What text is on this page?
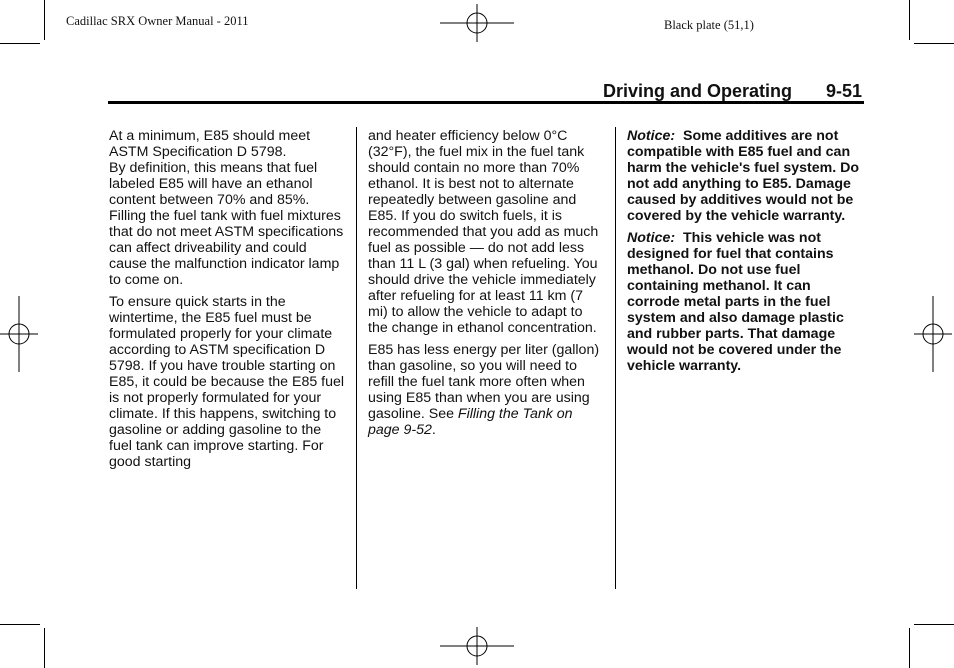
Cadillac SRX Owner Manual - 2011	Black plate (51,1)
Driving and Operating 9-51

At a minimum, E85 should meet ASTM Specification D 5798.

By definition, this means that fuel labeled E85 will have an ethanol content between 70% and 85%. Filling the fuel tank with fuel mixtures that do not meet ASTM specifications can affect driveability and could cause the malfunction indicator lamp to come on.

To ensure quick starts in the wintertime, the E85 fuel must be formulated properly for your climate according to ASTM specification D 5798. If you have trouble starting on E85, it could be because the E85 fuel is not properly formulated for your climate. If this happens, switching to gasoline or adding gasoline to the fuel tank can improve starting. For good starting

and heater efficiency below 0°C (32°F), the fuel mix in the fuel tank should contain no more than 70% ethanol. It is best not to alternate repeatedly between gasoline and E85. If you do switch fuels, it is recommended that you add as much fuel as possible — do not add less than 11 L (3 gal) when refueling. You should drive the vehicle immediately after refueling for at least 11 km (7 mi) to allow the vehicle to adapt to the change in ethanol concentration.

E85 has less energy per liter (gallon) than gasoline, so you will need to refill the fuel tank more often when using E85 than when you are using gasoline. See Filling the Tank on page 9-52.

Notice: Some additives are not compatible with E85 fuel and can harm the vehicle's fuel system. Do not add anything to E85. Damage caused by additives would not be covered by the vehicle warranty.

Notice: This vehicle was not designed for fuel that contains methanol. Do not use fuel containing methanol. It can corrode metal parts in the fuel system and also damage plastic and rubber parts. That damage would not be covered under the vehicle warranty.
